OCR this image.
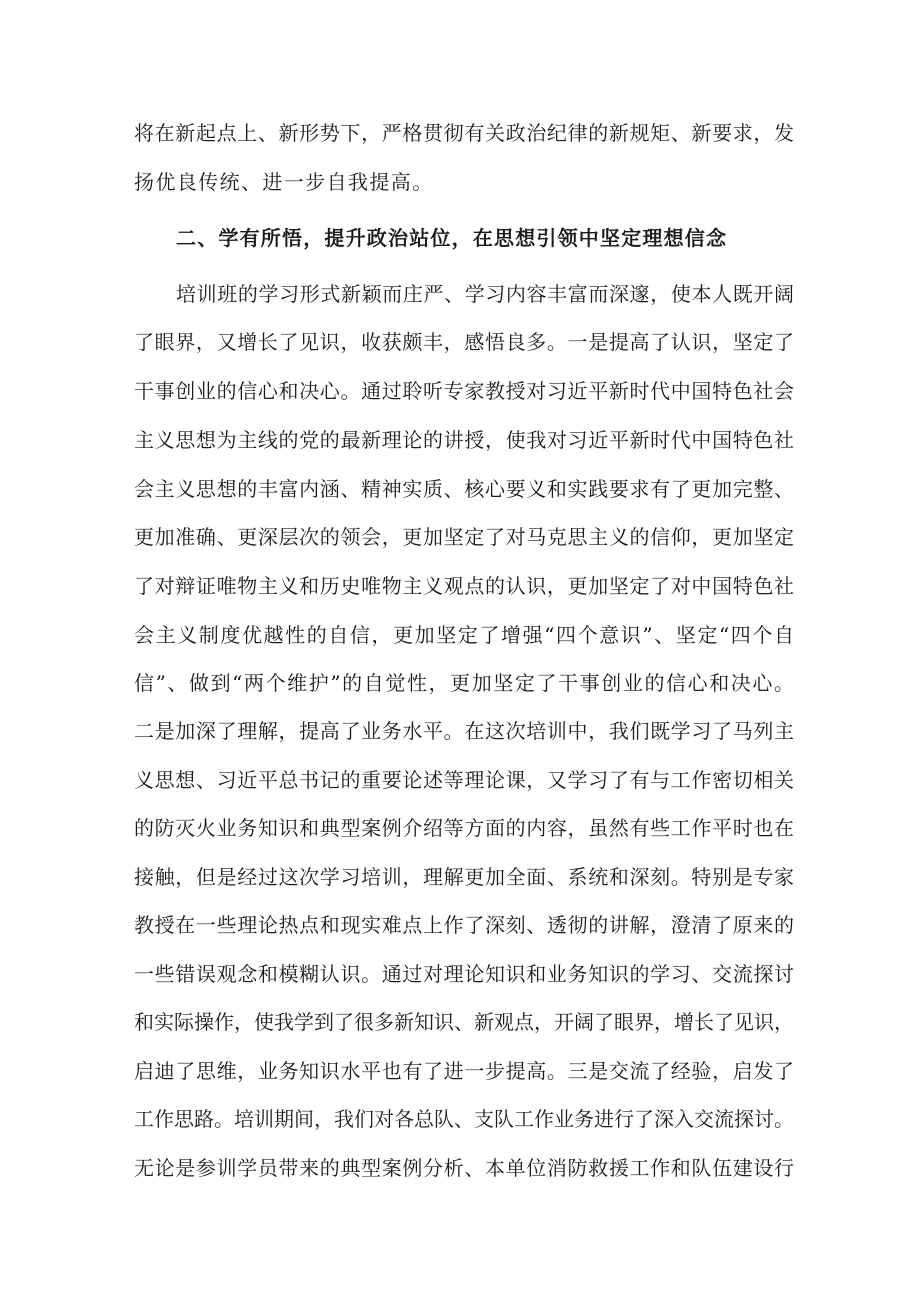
将在新起点上、新形势下，严格贯彻有关政治纪律的新规矩、新要求，发
扬优良传统、进一步自我提高。
二、学有所悟，提升政治站位，在思想引领中坚定理想信念
培训班的学习形式新颖而庄严、学习内容丰富而深邃，使本人既开阔
了眼界，又增长了见识，收获颇丰，感悟良多。一是提高了认识，坚定了
干事创业的信心和决心。通过聆听专家教授对习近平新时代中国特色社会
主义思想为主线的党的最新理论的讲授，使我对习近平新时代中国特色社
会主义思想的丰富内涵、精神实质、核心要义和实践要求有了更加完整、
更加准确、更深层次的领会，更加坚定了对马克思主义的信仰，更加坚定
了对辩证唯物主义和历史唯物主义观点的认识，更加坚定了对中国特色社
会主义制度优越性的自信，更加坚定了增强“四个意识”、坚定“四个自
信”、做到“两个维护”的自觉性，更加坚定了干事创业的信心和决心。
二是加深了理解，提高了业务水平。在这次培训中，我们既学习了马列主
义思想、习近平总书记的重要论述等理论课，又学习了有与工作密切相关
的防灭火业务知识和典型案例介绍等方面的内容，虽然有些工作平时也在
接触，但是经过这次学习培训，理解更加全面、系统和深刻。特别是专家
教授在一些理论热点和现实难点上作了深刻、透彻的讲解，澄清了原来的
一些错误观念和模糊认识。通过对理论知识和业务知识的学习、交流探讨
和实际操作，使我学到了很多新知识、新观点，开阔了眼界，增长了见识，
启迪了思维，业务知识水平也有了进一步提高。三是交流了经验，启发了
工作思路。培训期间，我们对各总队、支队工作业务进行了深入交流探讨。
无论是参训学员带来的典型案例分析、本单位消防救援工作和队伍建设行
